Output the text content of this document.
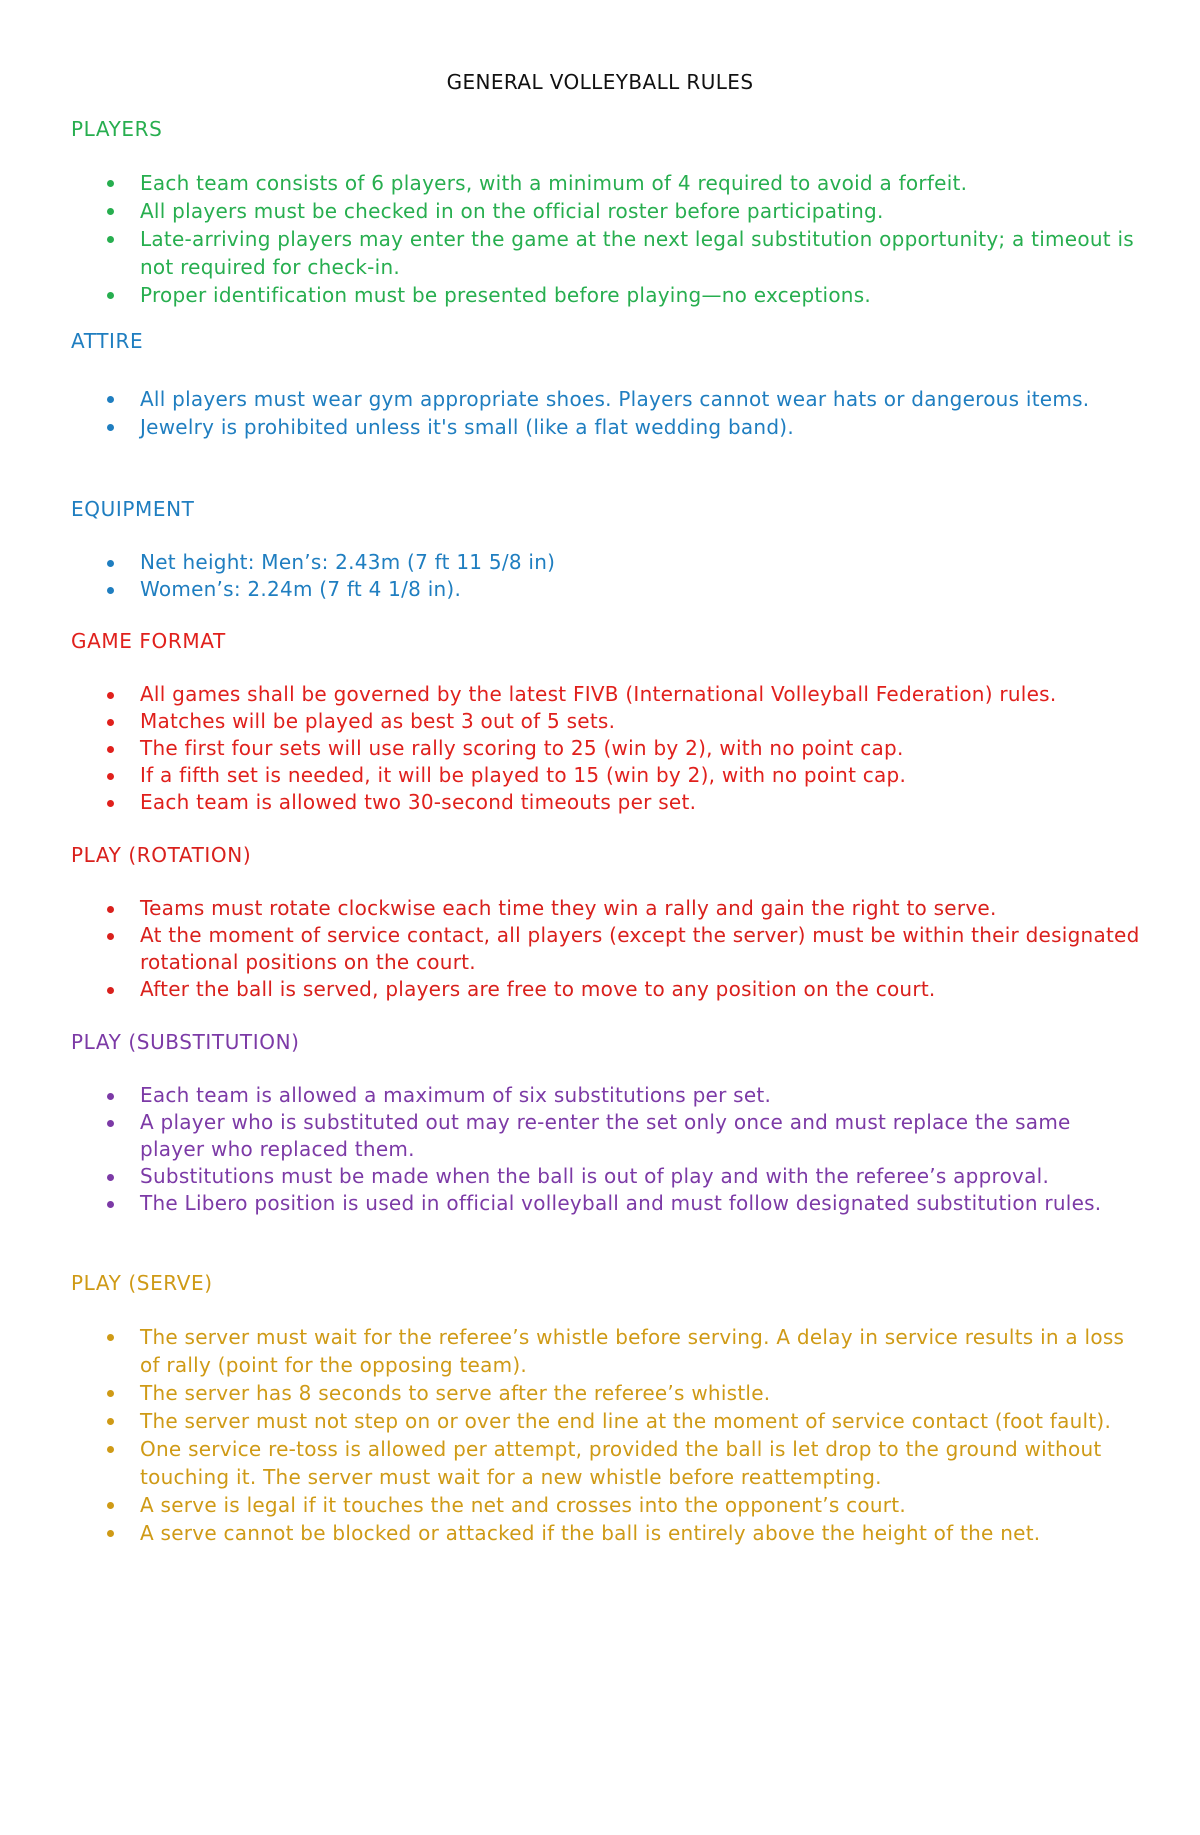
GENERAL VOLLEYBALL RULES
PLAYERS
Each team consists of 6 players, with a minimum of 4 required to avoid a forfeit.
All players must be checked in on the official roster before participating.
Late-arriving players may enter the game at the next legal substitution opportunity; a timeout is not required for check-in.
Proper identification must be presented before playing—no exceptions.
ATTIRE
All players must wear gym appropriate shoes. Players cannot wear hats or dangerous items.
Jewelry is prohibited unless it's small (like a flat wedding band).
EQUIPMENT
Net height: Men’s: 2.43m (7 ft 11 5/8 in)
Women’s: 2.24m (7 ft 4 1/8 in).
GAME FORMAT
All games shall be governed by the latest FIVB (International Volleyball Federation) rules.
Matches will be played as best 3 out of 5 sets.
The first four sets will use rally scoring to 25 (win by 2), with no point cap.
If a fifth set is needed, it will be played to 15 (win by 2), with no point cap.
Each team is allowed two 30-second timeouts per set.
PLAY (ROTATION)
Teams must rotate clockwise each time they win a rally and gain the right to serve.
At the moment of service contact, all players (except the server) must be within their designated rotational positions on the court.
After the ball is served, players are free to move to any position on the court.
PLAY (SUBSTITUTION)
Each team is allowed a maximum of six substitutions per set.
A player who is substituted out may re-enter the set only once and must replace the same player who replaced them.
Substitutions must be made when the ball is out of play and with the referee’s approval.
The Libero position is used in official volleyball and must follow designated substitution rules.
PLAY (SERVE)
The server must wait for the referee’s whistle before serving. A delay in service results in a loss of rally (point for the opposing team).
The server has 8 seconds to serve after the referee’s whistle.
The server must not step on or over the end line at the moment of service contact (foot fault).
One service re-toss is allowed per attempt, provided the ball is let drop to the ground without touching it. The server must wait for a new whistle before reattempting.
A serve is legal if it touches the net and crosses into the opponent’s court.
A serve cannot be blocked or attacked if the ball is entirely above the height of the net.
